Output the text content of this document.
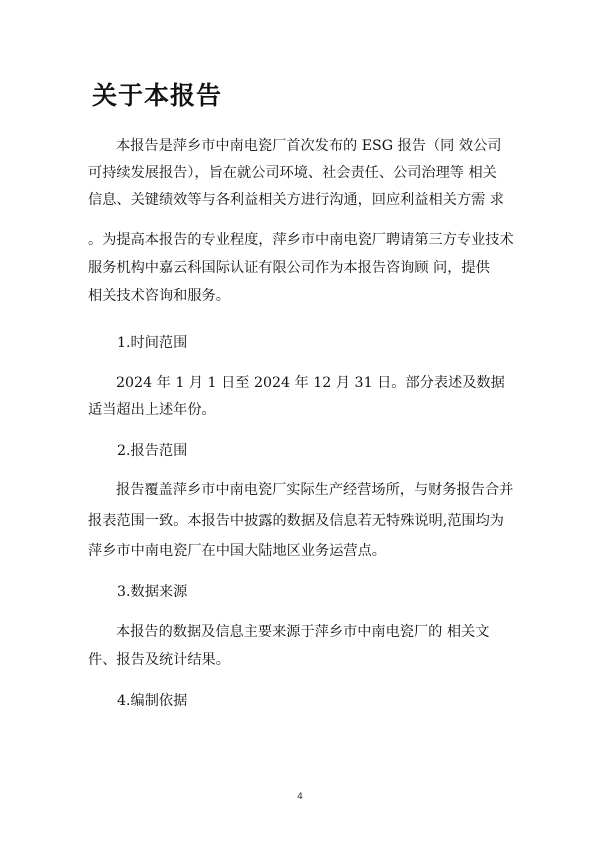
关于本报告
本报告是萍乡市中南电瓷厂首次发布的 ESG 报告（同 效公司
可持续发展报告），旨在就公司环境、社会责任、公司治理等 相关
信息、关键绩效等与各利益相关方进行沟通，回应利益相关方需 求
。为提高本报告的专业程度，萍乡市中南电瓷厂聘请第三方专业技术
服务机构中嘉云科国际认证有限公司作为本报告咨询顾 问，提供
相关技术咨询和服务。
1.时间范围
2024 年 1 月 1 日至 2024 年 12 月 31 日。部分表述及数据
适当超出上述年份。
2.报告范围
报告覆盖萍乡市中南电瓷厂实际生产经营场所，与财务报告合并
报表范围一致。本报告中披露的数据及信息若无特殊说明,范围均为
萍乡市中南电瓷厂在中国大陆地区业务运营点。
3.数据来源
本报告的数据及信息主要来源于萍乡市中南电瓷厂的 相关文
件、报告及统计结果。
4.编制依据
4
